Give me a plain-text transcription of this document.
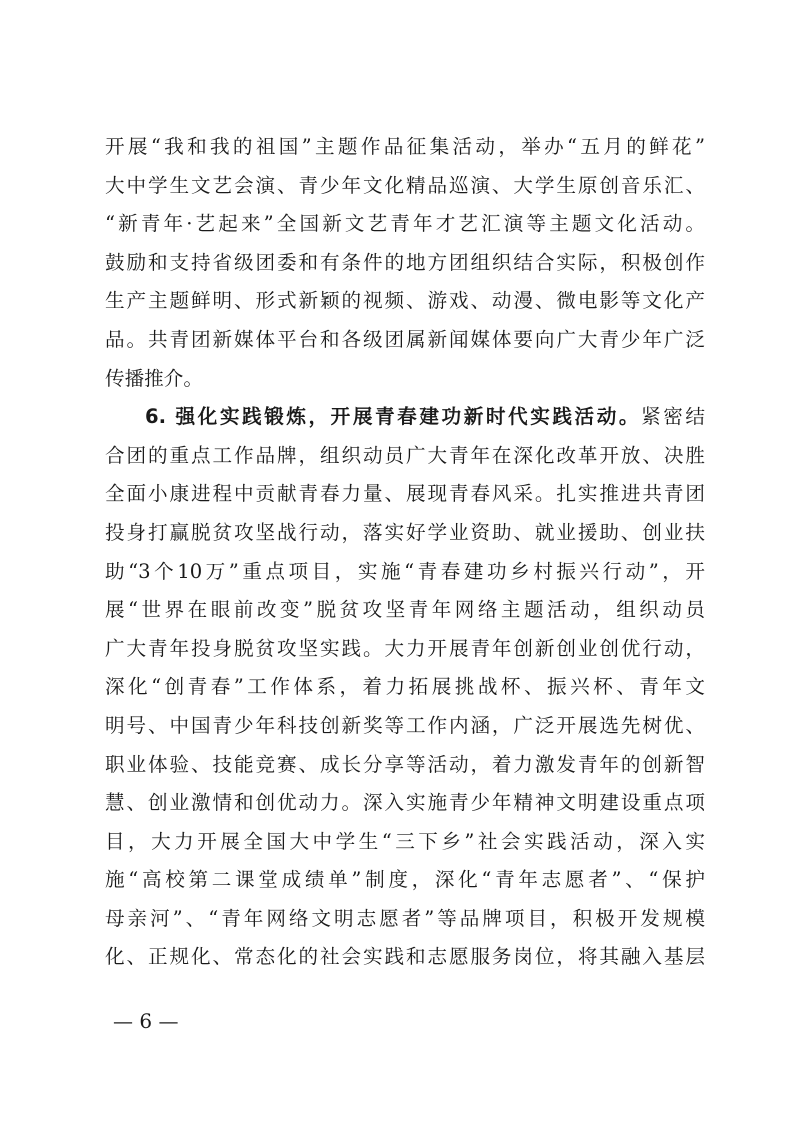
开展“我和我的祖国”主题作品征集活动，举办“五月的鲜花”
大中学生文艺会演、青少年文化精品巡演、大学生原创音乐汇、
“新青年·艺起来”全国新文艺青年才艺汇演等主题文化活动。
鼓励和支持省级团委和有条件的地方团组织结合实际，积极创作
生产主题鲜明、形式新颖的视频、游戏、动漫、微电影等文化产
品。共青团新媒体平台和各级团属新闻媒体要向广大青少年广泛
传播推介。
6. 强化实践锻炼，开展青春建功新时代实践活动。紧密结
合团的重点工作品牌，组织动员广大青年在深化改革开放、决胜
全面小康进程中贡献青春力量、展现青春风采。扎实推进共青团
投身打赢脱贫攻坚战行动，落实好学业资助、就业援助、创业扶
助“3个10万”重点项目，实施“青春建功乡村振兴行动”，开
展“世界在眼前改变”脱贫攻坚青年网络主题活动，组织动员
广大青年投身脱贫攻坚实践。大力开展青年创新创业创优行动，
深化“创青春”工作体系，着力拓展挑战杯、振兴杯、青年文
明号、中国青少年科技创新奖等工作内涵，广泛开展选先树优、
职业体验、技能竞赛、成长分享等活动，着力激发青年的创新智
慧、创业激情和创优动力。深入实施青少年精神文明建设重点项
目，大力开展全国大中学生“三下乡”社会实践活动，深入实
施“高校第二课堂成绩单”制度，深化“青年志愿者”、“保护
母亲河”、“青年网络文明志愿者”等品牌项目，积极开发规模
化、正规化、常态化的社会实践和志愿服务岗位，将其融入基层
— 6 —
